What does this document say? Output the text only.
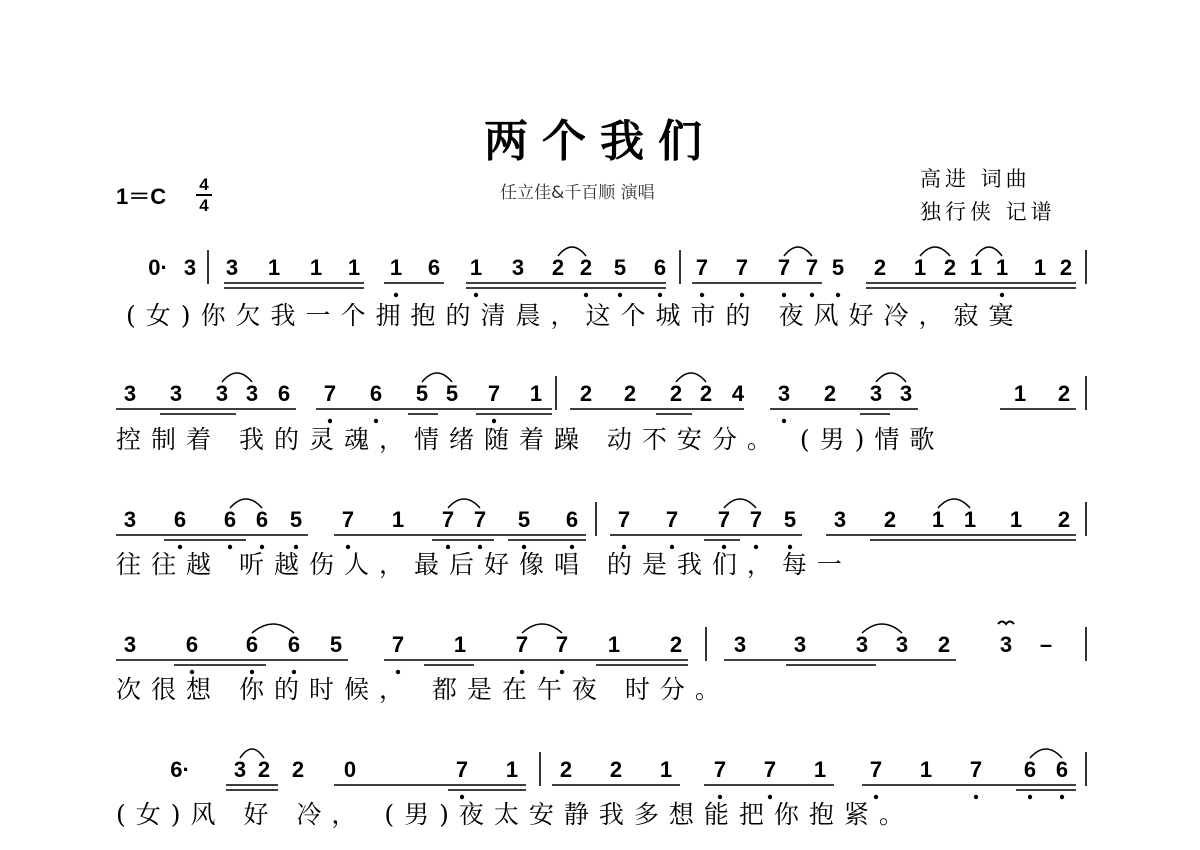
两个我们
任立佳&千百顺 演唱
高进 词曲
独行侠 记谱
1＝C 4
4
0· 3 3 1 1 1 1 6 1 3 2 2 5 6 7 7 7 7 5 2 1 2 1 1 1 2
(女)你欠我一个拥抱的清晨，这个城市的 夜风好冷，寂寞
3 3 3 3 6 7 6 5 5 7 1 2 2 2 2 4 3 2 3 3	1 2
控制着 我的灵魂，情绪随着躁 动不安分。 (男)情歌
3 6 6 6 5 7 1 7 7 5 6 7 7 7 7 5 3 2 1 1 1 2
往往越 听越伤人，最后好像唱 的是我们，每一
3 6 6 6 5 7 1 7 7 1 2 3 3 3 3 2 3 –
次很想 你的时候， 都是在午夜 时分。
6· 3 2 2 0	7 1 2 2 1 7 7 1 7 1 7 6 6
(女)风 好 冷， (男)夜太安静我多想能把你抱紧。
